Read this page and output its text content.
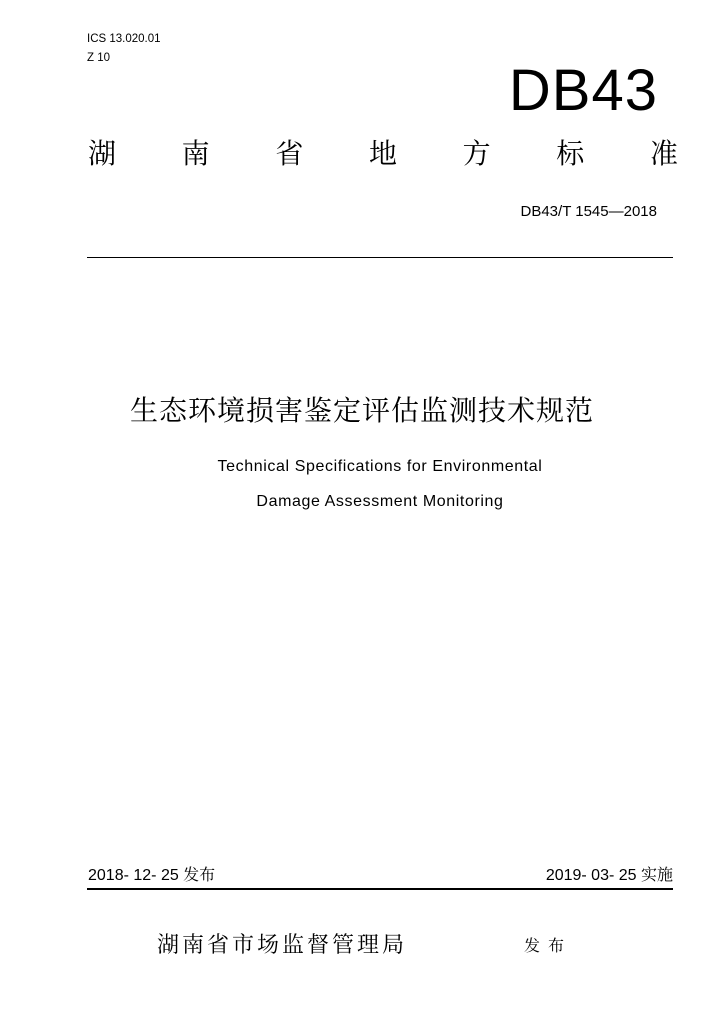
ICS 13.020.01
Z 10	DB43
湖 南 省 地 方 标 准
DB43/T 1545—2018
生态环境损害鉴定评估监测技术规范
Technical Specifications for Environmental
Damage Assessment Monitoring
2018- 12- 25 发布	2019- 03- 25 实施
湖南省市场监督管理局	发布
